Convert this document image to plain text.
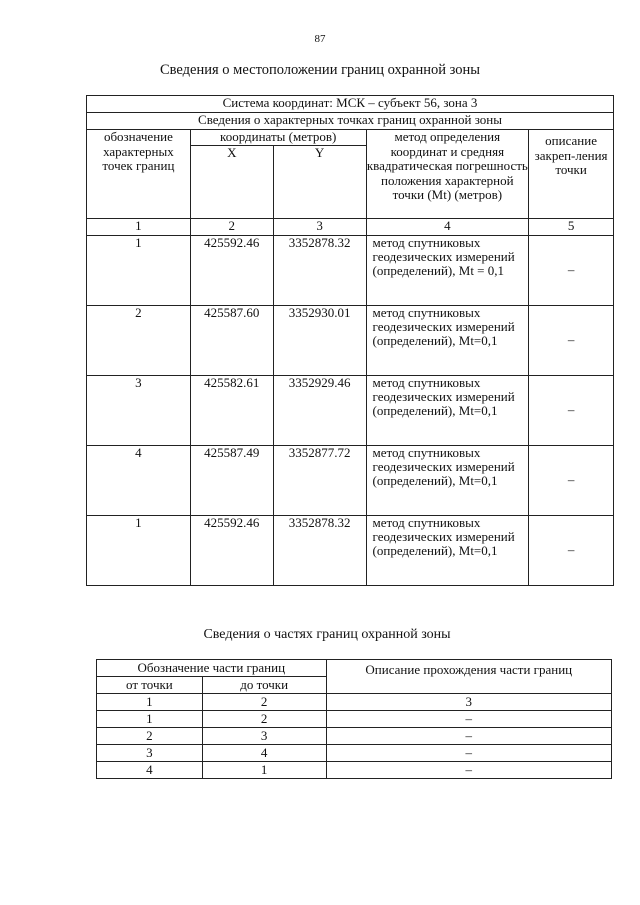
87
Сведения о местоположении границ охранной зоны
Система координат: МСК – субъект 56, зона 3				
Сведения о характерных точках границ охранной зоны				
обозначение характерных точек границ	координаты (метров)		метод определения координат и средняя квадратическая погрешность положения характерной точки (Mt) (метров)	описание закреп-ления точки
	X	Y		
1	2	3	4	5
1	425592.46	3352878.32	метод спутниковых геодезических измерений (определений), Mt = 0,1	–
2	425587.60	3352930.01	метод спутниковых геодезических измерений (определений), Mt=0,1	–
3	425582.61	3352929.46	метод спутниковых геодезических измерений (определений), Mt=0,1	–
4	425587.49	3352877.72	метод спутниковых геодезических измерений (определений), Mt=0,1	–
1	425592.46	3352878.32	метод спутниковых геодезических измерений (определений), Mt=0,1	–
Сведения о частях границ охранной зоны
Обозначение части границ		Описание прохождения части границ
от точки	до точки	
1	2	3
1	2	–
2	3	–
3	4	–
4	1	–
